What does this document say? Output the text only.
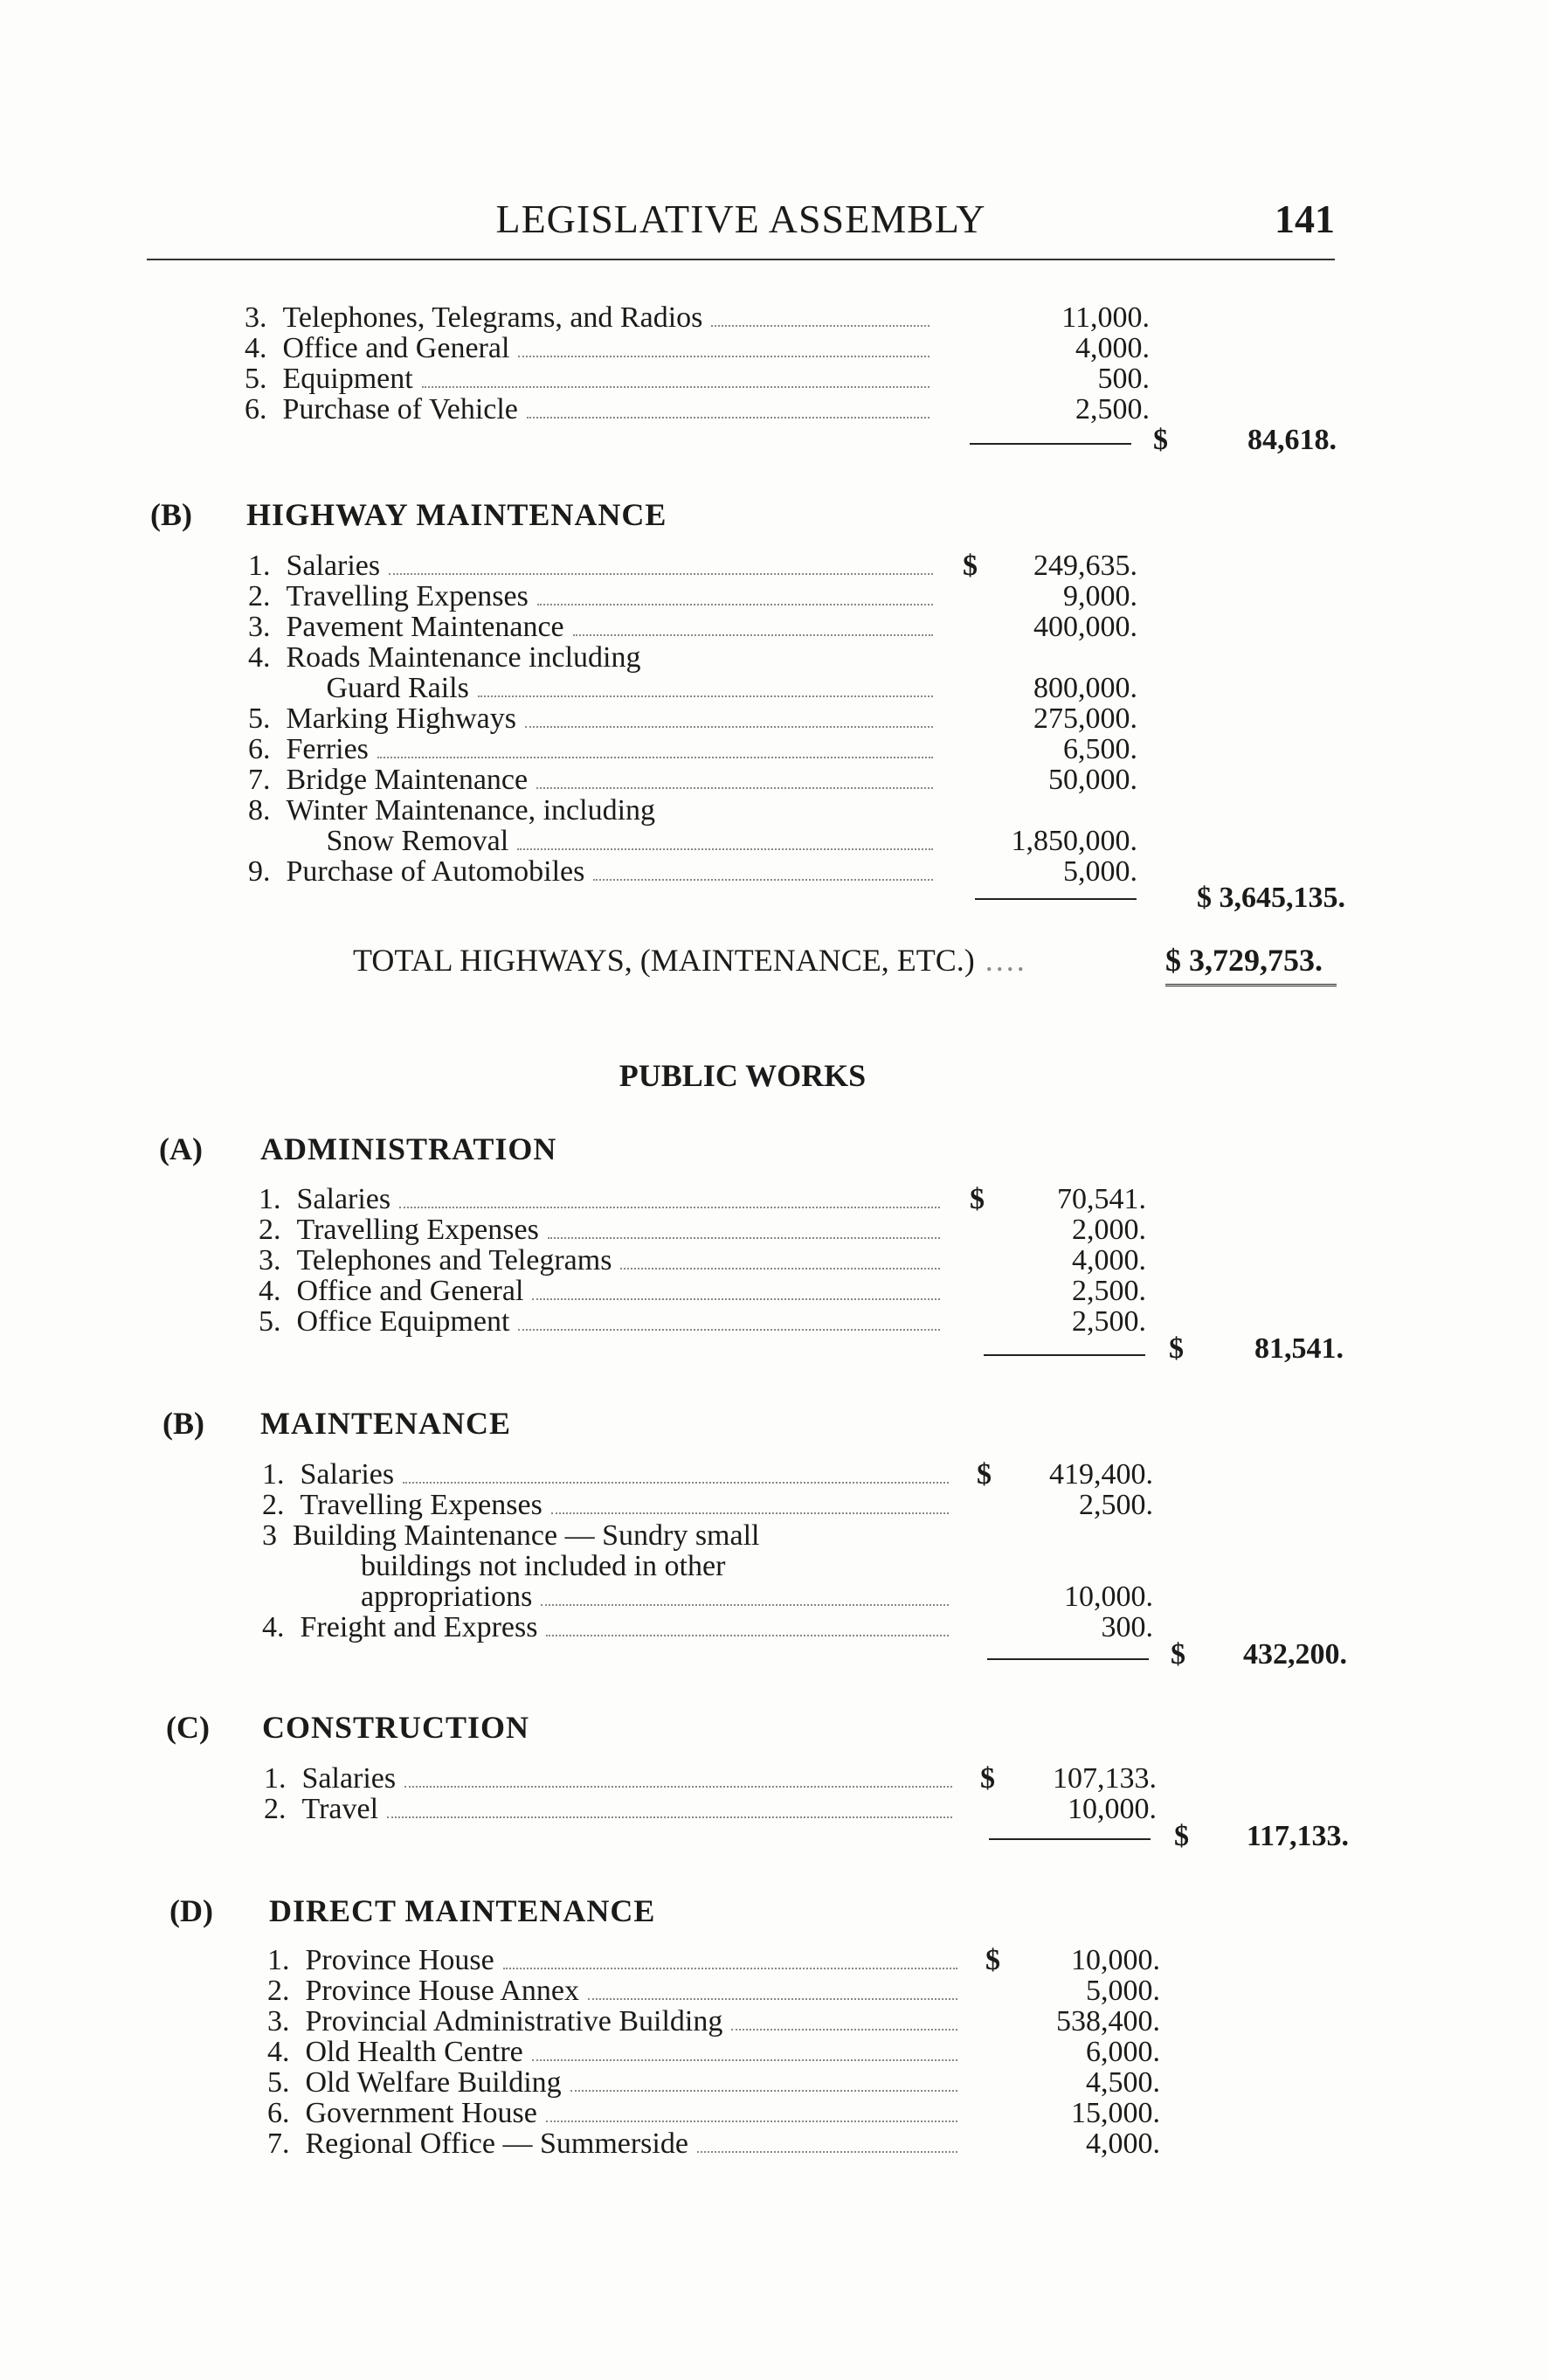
LEGISLATIVE ASSEMBLY	141
3. Telephones, Telegrams, and Radios	11,000.
4. Office and General	4,000.
5. Equipment	500.
6. Purchase of Vehicle	2,500.
$	84,618.
(B) HIGHWAY MAINTENANCE
1. Salaries	$ 249,635.
2. Travelling Expenses	9,000.
3. Pavement Maintenance	400,000.
4. Roads Maintenance including
Guard Rails	800,000.
5. Marking Highways	275,000.
6. Ferries	6,500.
7. Bridge Maintenance	50,000.
8. Winter Maintenance, including
Snow Removal	1,850,000.
9. Purchase of Automobiles	5,000.
$ 3,645,135.
TOTAL HIGHWAYS, (MAINTENANCE, ETC.) ....	$ 3,729,753.
PUBLIC WORKS
(A) ADMINISTRATION
1. Salaries	$ 70,541.
2. Travelling Expenses	2,000.
3. Telephones and Telegrams	4,000.
4. Office and General	2,500.
5. Office Equipment	2,500.
$ 81,541.
(B) MAINTENANCE
1. Salaries	$ 419,400.
2. Travelling Expenses	2,500.
3 Building Maintenance — Sundry small
buildings not included in other
appropriations	10,000.
4. Freight and Express	300.
$ 432,200.
(C) CONSTRUCTION
1. Salaries	$ 107,133.
2. Travel	10,000.
$ 117,133.
(D) DIRECT MAINTENANCE
1. Province House	$ 10,000.
2. Province House Annex	5,000.
3. Provincial Administrative Building	538,400.
4. Old Health Centre	6,000.
5. Old Welfare Building	4,500.
6. Government House	15,000.
7. Regional Office — Summerside	4,000.
